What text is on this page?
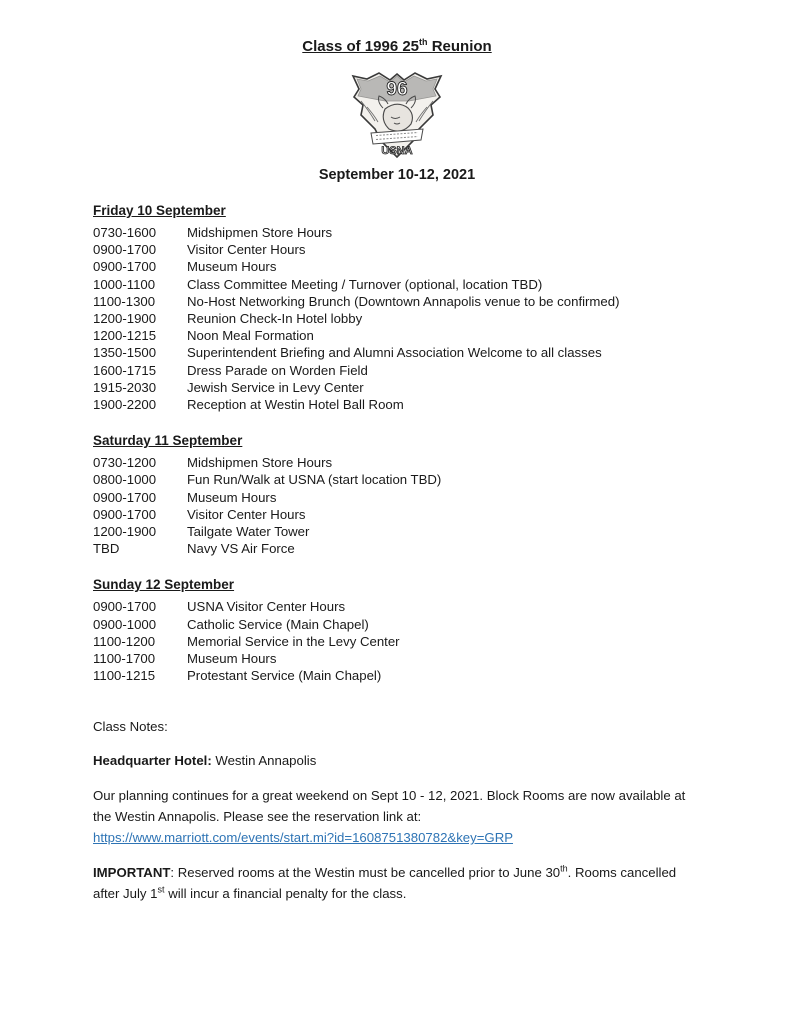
Class of 1996 25th Reunion
96
USNA
September 10-12, 2021
Friday 10 September
0730-1600	Midshipmen Store Hours
0900-1700	Visitor Center Hours
0900-1700	Museum Hours
1000-1100	Class Committee Meeting / Turnover (optional, location TBD)
1100-1300	No-Host Networking Brunch (Downtown Annapolis venue to be confirmed)
1200-1900	Reunion Check-In Hotel lobby
1200-1215	Noon Meal Formation
1350-1500	Superintendent Briefing and Alumni Association Welcome to all classes
1600-1715	Dress Parade on Worden Field
1915-2030	Jewish Service in Levy Center
1900-2200	Reception at Westin Hotel Ball Room
Saturday 11 September
0730-1200	Midshipmen Store Hours
0800-1000	Fun Run/Walk at USNA (start location TBD)
0900-1700	Museum Hours
0900-1700	Visitor Center Hours
1200-1900	Tailgate Water Tower
TBD	Navy VS Air Force
Sunday 12 September
0900-1700	USNA Visitor Center Hours
0900-1000	Catholic Service (Main Chapel)
1100-1200	Memorial Service in the Levy Center
1100-1700	Museum Hours
1100-1215	Protestant Service (Main Chapel)
Class Notes:
Headquarter Hotel: Westin Annapolis
Our planning continues for a great weekend on Sept 10 - 12, 2021. Block Rooms are now available at the Westin Annapolis. Please see the reservation link at:
https://www.marriott.com/events/start.mi?id=1608751380782&key=GRP
IMPORTANT: Reserved rooms at the Westin must be cancelled prior to June 30th. Rooms cancelled after July 1st will incur a financial penalty for the class.
